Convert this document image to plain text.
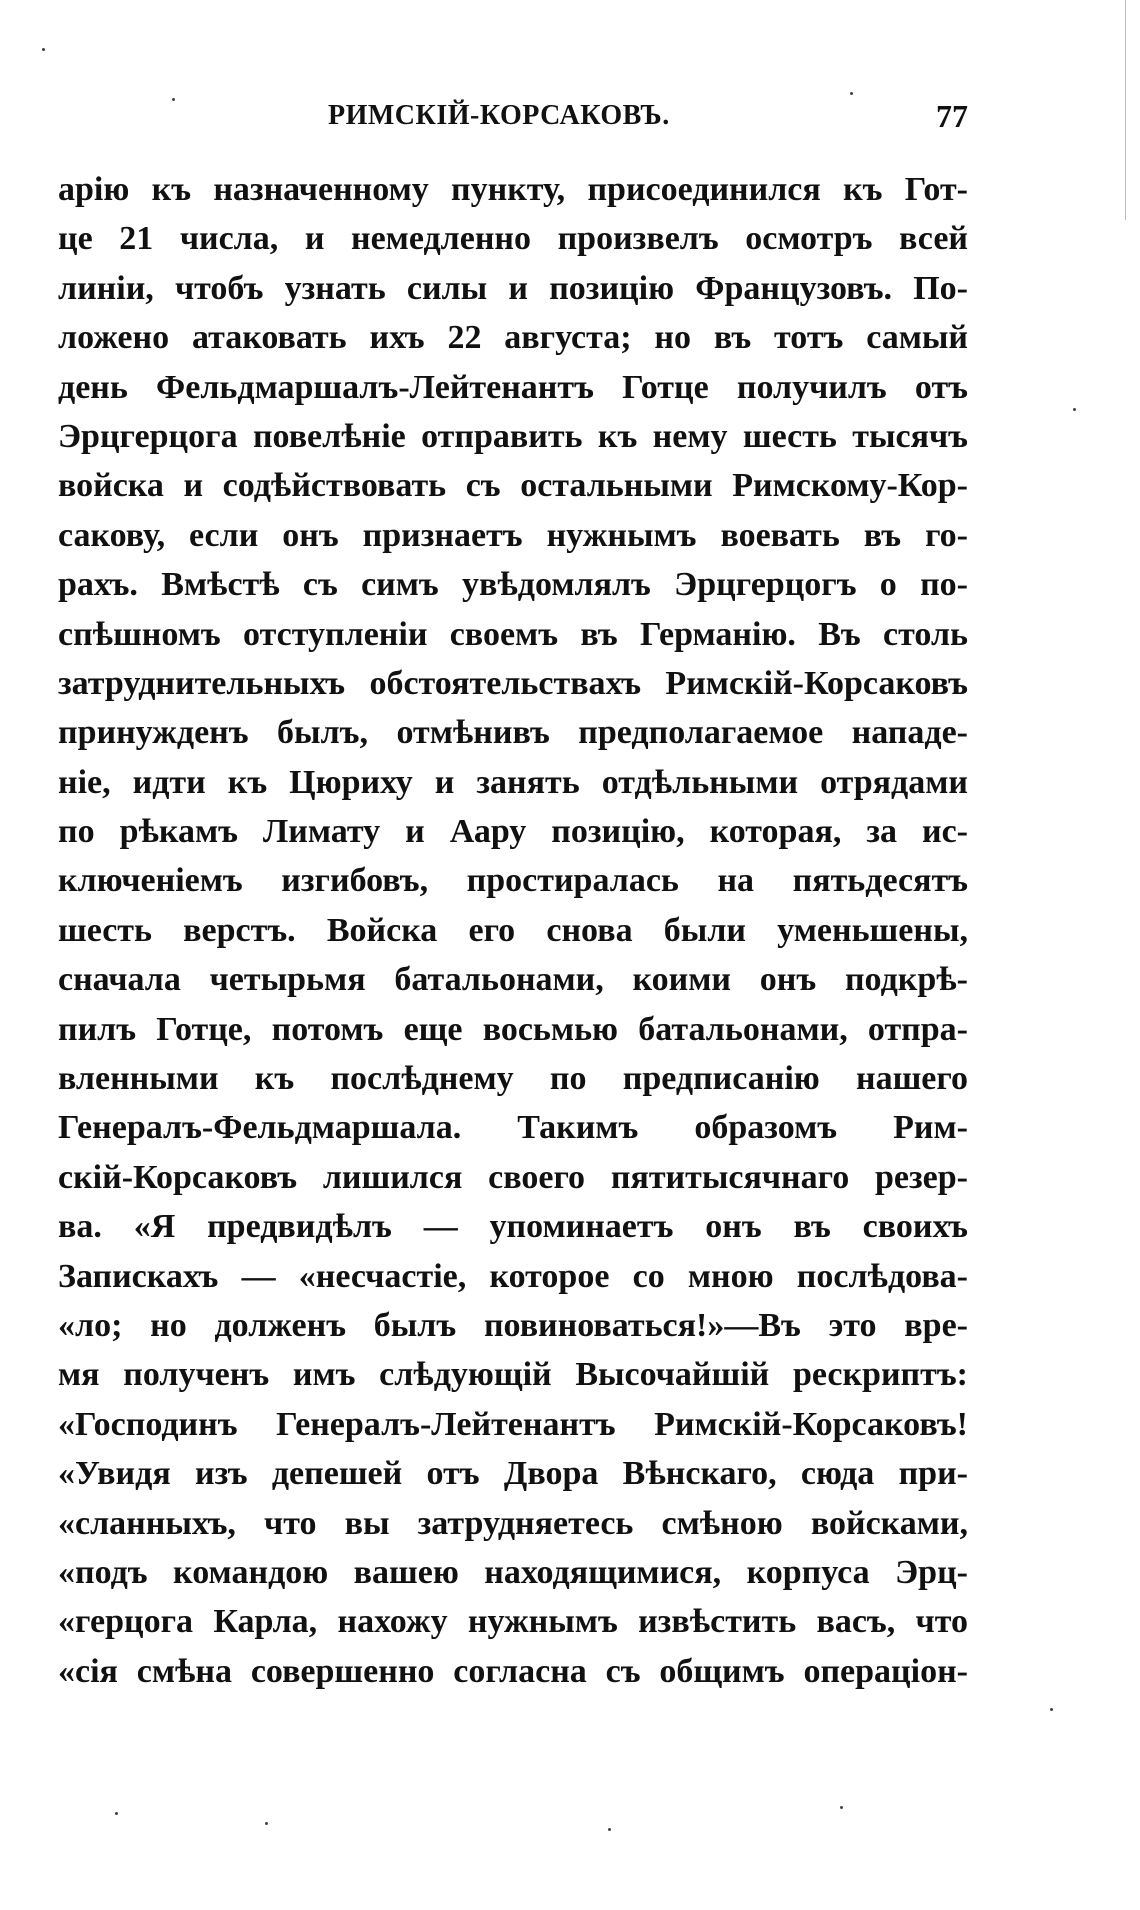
РИМСКІЙ-КОРСАКОВЪ.	77
арію къ назначенному пункту, присоединился къ Гот-
це 21 числа, и немедленно произвелъ осмотръ всей
линіи, чтобъ узнать силы и позицію Французовъ. По-
ложено атаковать ихъ 22 августа; но въ тотъ самый
день Фельдмаршалъ-Лейтенантъ Готце получилъ отъ
Эрцгерцога повелѣніе отправить къ нему шесть тысячъ
войска и содѣйствовать съ остальными Римскому-Кор-
сакову, если онъ признаетъ нужнымъ воевать въ го-
рахъ. Вмѣстѣ съ симъ увѣдомлялъ Эрцгерцогъ о по-
спѣшномъ отступленіи своемъ въ Германію. Въ столь
затруднительныхъ обстоятельствахъ Римскій-Корсаковъ
принужденъ былъ, отмѣнивъ предполагаемое нападе-
ніе, идти къ Цюриху и занять отдѣльными отрядами
по рѣкамъ Лимату и Аару позицію, которая, за ис-
ключеніемъ изгибовъ, простиралась на пятьдесятъ
шесть верстъ. Войска его снова были уменьшены,
сначала четырьмя батальонами, коими онъ подкрѣ-
пилъ Готце, потомъ еще восьмью батальонами, отпра-
вленными къ послѣднему по предписанію нашего
Генералъ-Фельдмаршала. Такимъ образомъ Рим-
скій-Корсаковъ лишился своего пятитысячнаго резер-
ва. «Я предвидѣлъ — упоминаетъ онъ въ своихъ
Запискахъ — «несчастіе, которое со мною послѣдова-
«ло; но долженъ былъ повиноваться!»—Въ это вре-
мя полученъ имъ слѣдующій Высочайшій рескриптъ:
«Господинъ Генералъ-Лейтенантъ Римскій-Корсаковъ!
«Увидя изъ депешей отъ Двора Вѣнскаго, сюда при-
«сланныхъ, что вы затрудняетесь смѣною войсками,
«подъ командою вашею находящимися, корпуса Эрц-
«герцога Карла, нахожу нужнымъ извѣстить васъ, что
«сія смѣна совершенно согласна съ общимъ операціон-
